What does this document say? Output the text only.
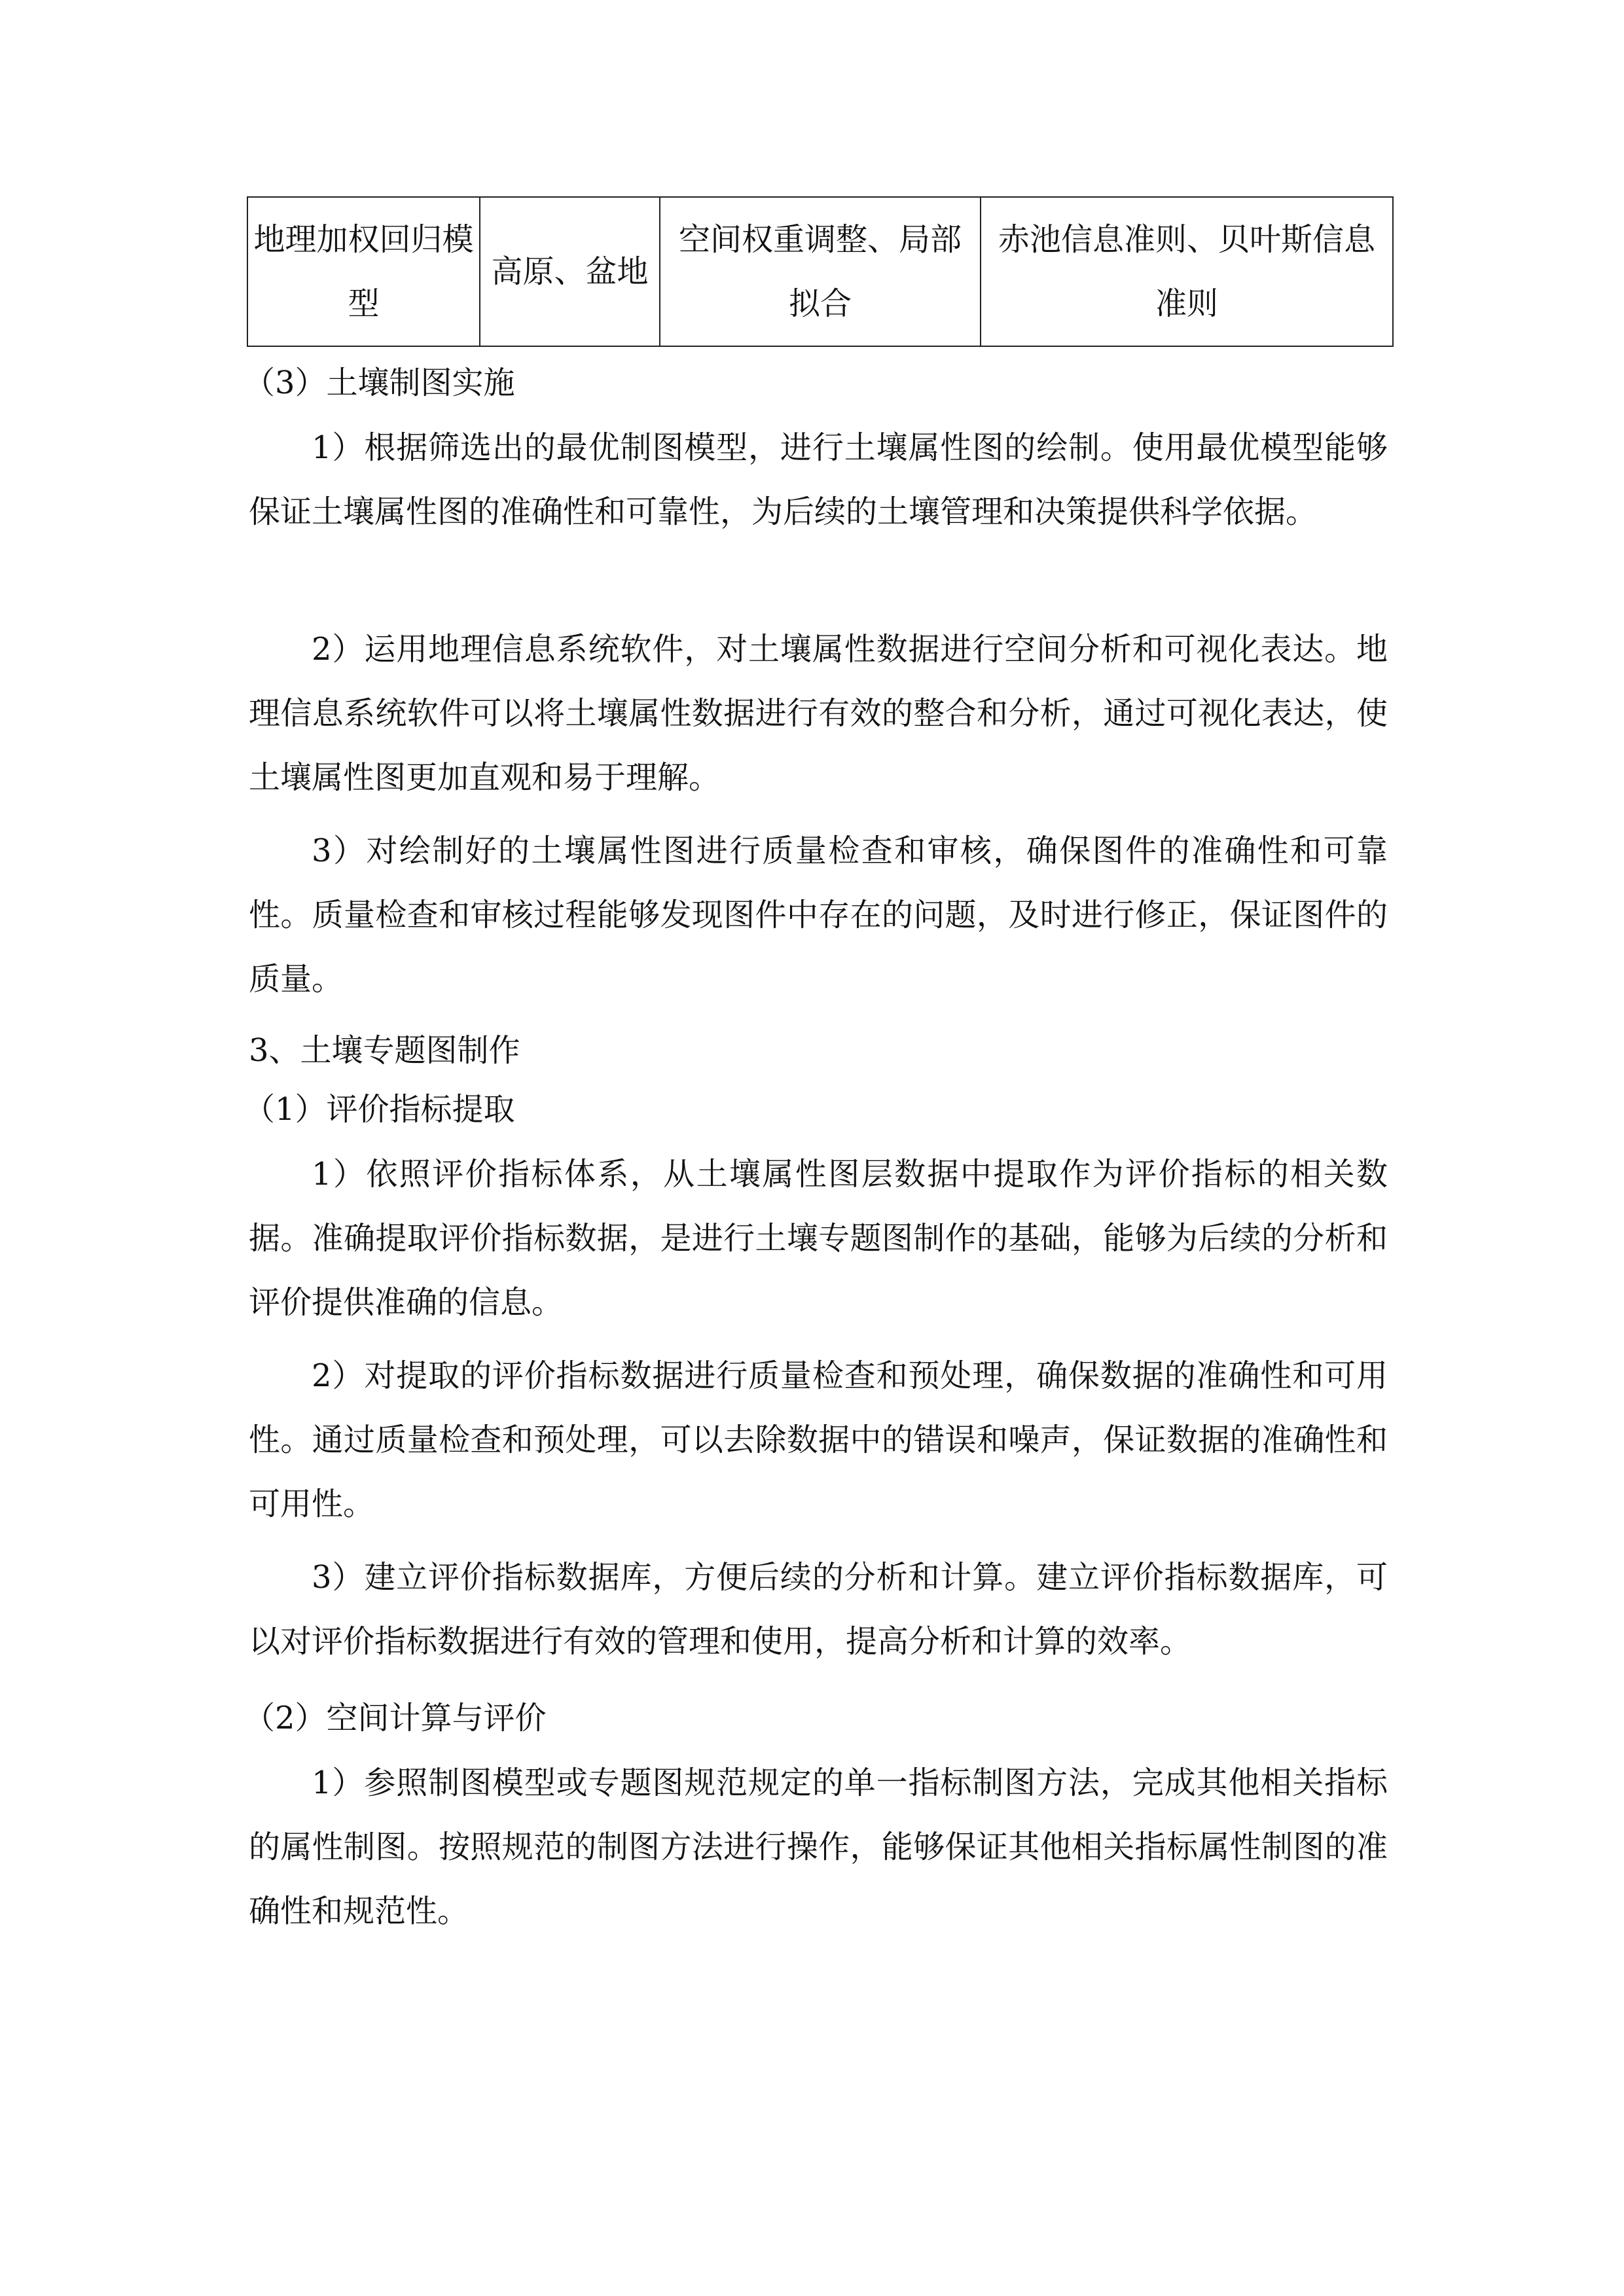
地理加权回归模型	高原、盆地	空间权重调整、局部拟合	赤池信息准则、贝叶斯信息准则
（3）土壤制图实施
1）根据筛选出的最优制图模型，进行土壤属性图的绘制。使用最优模型能够保证土壤属性图的准确性和可靠性，为后续的土壤管理和决策提供科学依据。
2）运用地理信息系统软件，对土壤属性数据进行空间分析和可视化表达。地理信息系统软件可以将土壤属性数据进行有效的整合和分析，通过可视化表达，使土壤属性图更加直观和易于理解。
3）对绘制好的土壤属性图进行质量检查和审核，确保图件的准确性和可靠性。质量检查和审核过程能够发现图件中存在的问题，及时进行修正，保证图件的质量。
3、土壤专题图制作
（1）评价指标提取
1）依照评价指标体系，从土壤属性图层数据中提取作为评价指标的相关数据。准确提取评价指标数据，是进行土壤专题图制作的基础，能够为后续的分析和评价提供准确的信息。
2）对提取的评价指标数据进行质量检查和预处理，确保数据的准确性和可用性。通过质量检查和预处理，可以去除数据中的错误和噪声，保证数据的准确性和可用性。
3）建立评价指标数据库，方便后续的分析和计算。建立评价指标数据库，可以对评价指标数据进行有效的管理和使用，提高分析和计算的效率。
（2）空间计算与评价
1）参照制图模型或专题图规范规定的单一指标制图方法，完成其他相关指标的属性制图。按照规范的制图方法进行操作，能够保证其他相关指标属性制图的准确性和规范性。
